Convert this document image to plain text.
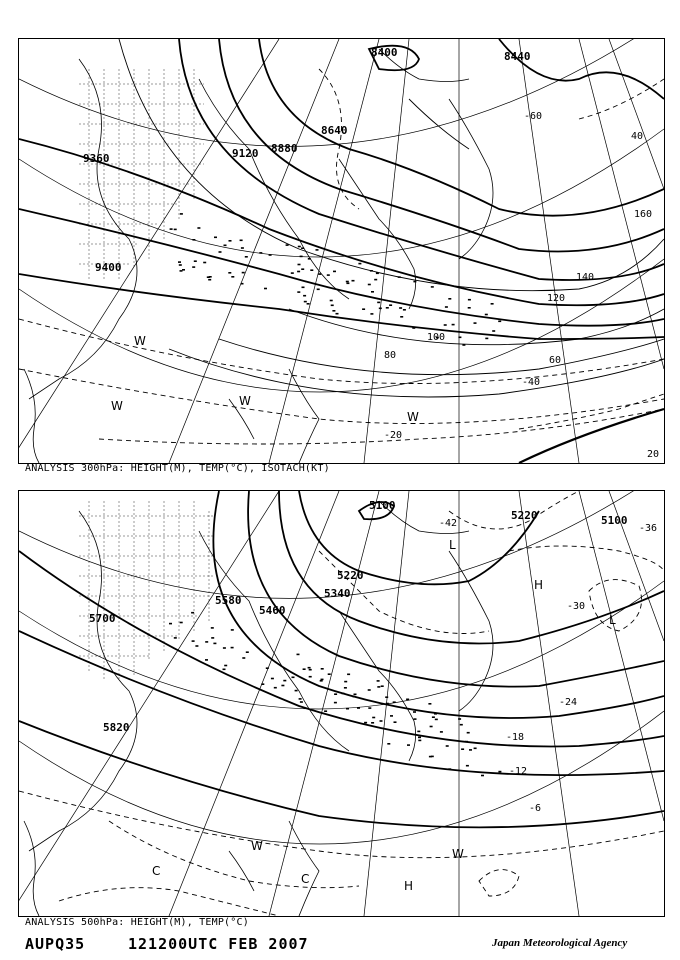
8400
8640
8880
9120
9360
9400
8440
160
140
120
100
80	60
40
20
-60
-40
-20
W
W	W
W
ANALYSIS 300hPa: HEIGHT(M), TEMP(°C), ISOTACH(KT)
5100
5220
5340
5460
5580
5700
5820
5100
5220
-42	-36
-30
-24
-18
-12
-6
L
L
H
H
W
C
C
W
ANALYSIS 500hPa: HEIGHT(M), TEMP(°C)
AUPQ35	121200UTC FEB 2007	Japan Meteorological Agency
